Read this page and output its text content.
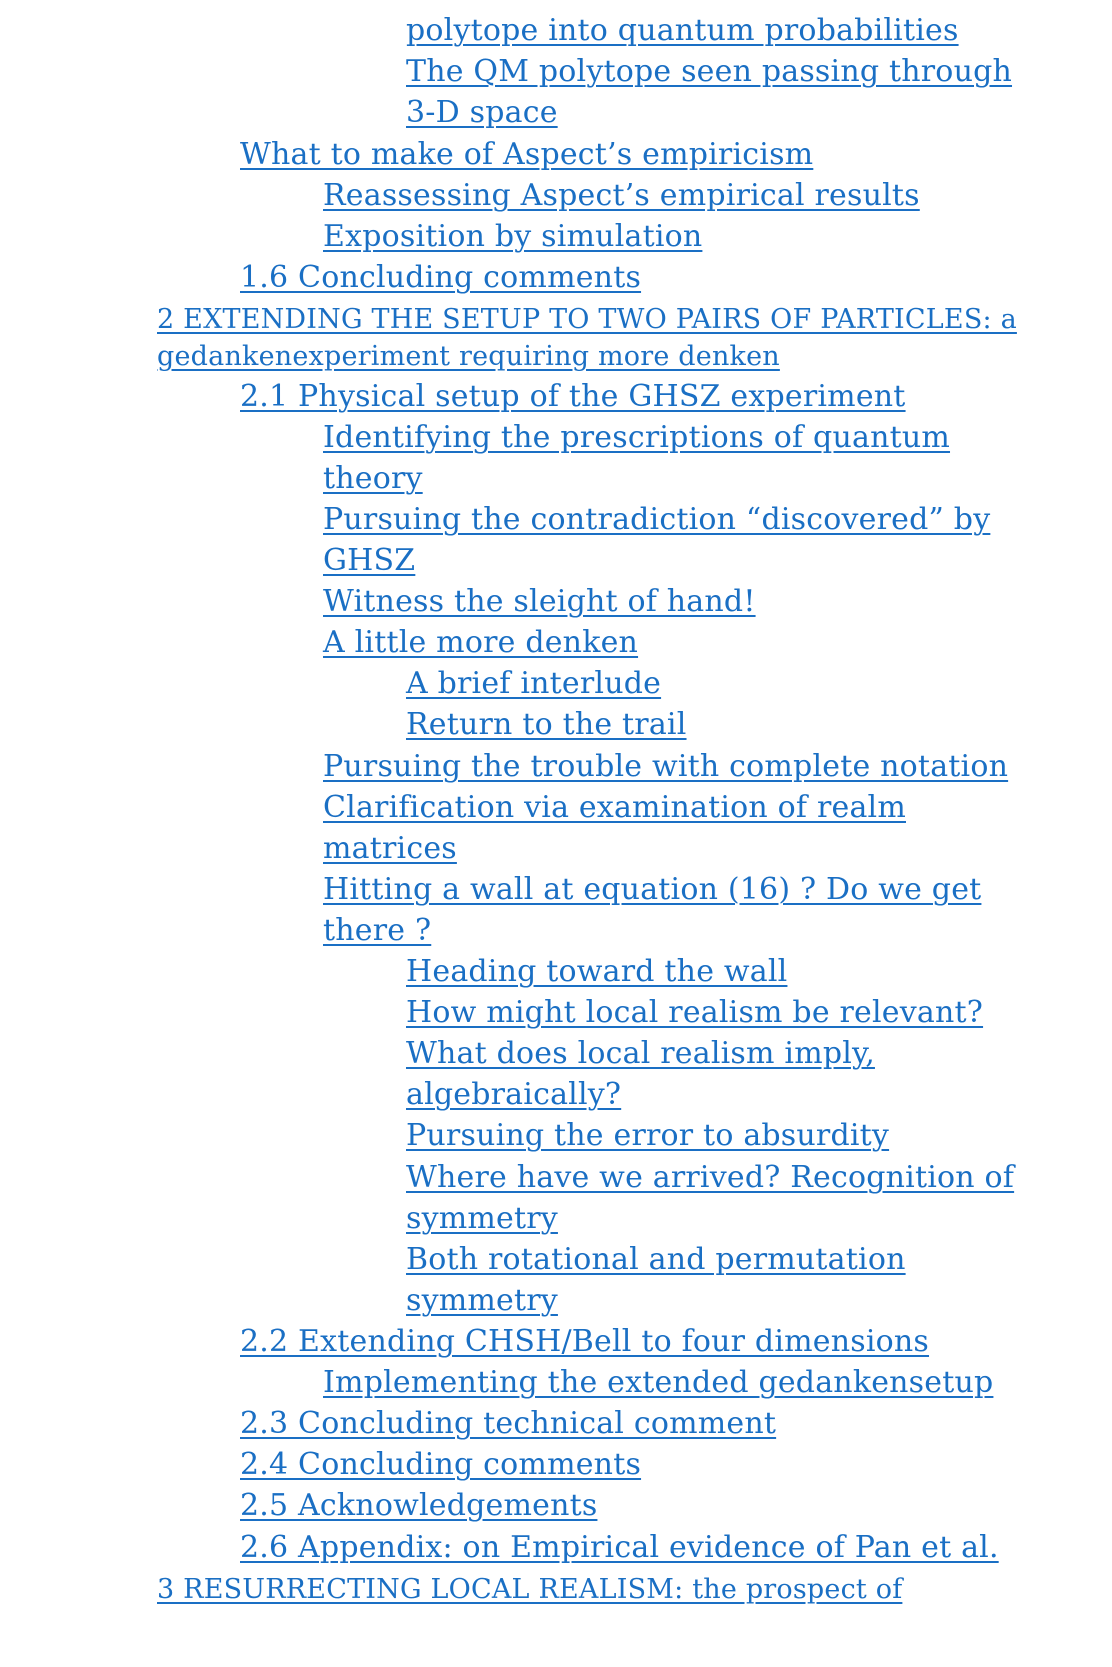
polytope into quantum probabilities
The QM polytope seen passing through
3-D space
What to make of Aspect’s empiricism
Reassessing Aspect’s empirical results
Exposition by simulation
1.6 Concluding comments
2 EXTENDING THE SETUP TO TWO PAIRS OF PARTICLES: a
gedankenexperiment requiring more denken
2.1 Physical setup of the GHSZ experiment
Identifying the prescriptions of quantum
theory
Pursuing the contradiction “discovered” by
GHSZ
Witness the sleight of hand!
A little more denken
A brief interlude
Return to the trail
Pursuing the trouble with complete notation
Clarification via examination of realm
matrices
Hitting a wall at equation (16) ? Do we get
there ?
Heading toward the wall
How might local realism be relevant?
What does local realism imply,
algebraically?
Pursuing the error to absurdity
Where have we arrived? Recognition of
symmetry
Both rotational and permutation
symmetry
2.2 Extending CHSH/Bell to four dimensions
Implementing the extended gedankensetup
2.3 Concluding technical comment
2.4 Concluding comments
2.5 Acknowledgements
2.6 Appendix: on Empirical evidence of Pan et al.
3 RESURRECTING LOCAL REALISM: the prospect of
